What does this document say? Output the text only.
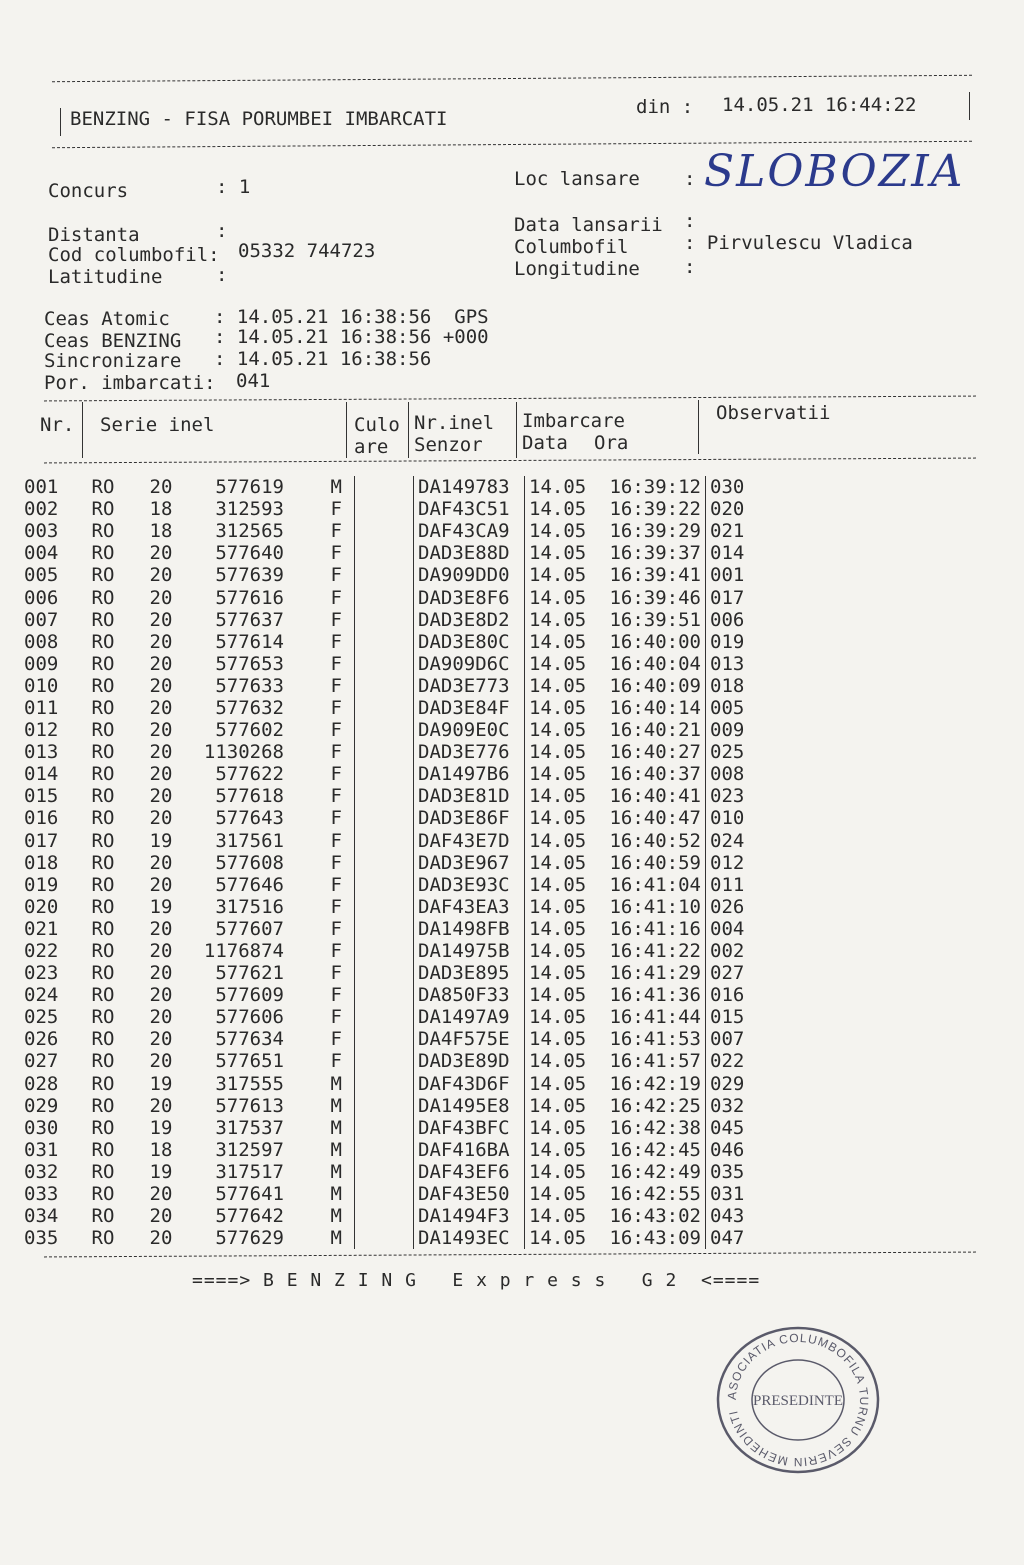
BENZING - FISA PORUMBEI IMBARCATI
din : 14.05.21 16:44:22
Concurs	: 1
Distanta	:
Cod columbofil: 05332 744723
Latitudine	:
Loc lansare : SLOBOZIA
Data lansarii :
Columbofil	: Pirvulescu Vladica
Longitudine :
Ceas Atomic : 14.05.21 16:38:56 GPS
Ceas BENZING : 14.05.21 16:38:56 +000
Sincronizare : 14.05.21 16:38:56
Por. imbarcati: 041
Nr. Serie inel	Culo
are
Nr.inel
Senzor
Imbarcare
Data Ora
Observatii
001	RO	20	577619	M		DA149783	14.05	16:39:12	030
002	RO	18	312593	F		DAF43C51	14.05	16:39:22	020
003	RO	18	312565	F		DAF43CA9	14.05	16:39:29	021
004	RO	20	577640	F		DAD3E88D	14.05	16:39:37	014
005	RO	20	577639	F		DA909DD0	14.05	16:39:41	001
006	RO	20	577616	F		DAD3E8F6	14.05	16:39:46	017
007	RO	20	577637	F		DAD3E8D2	14.05	16:39:51	006
008	RO	20	577614	F		DAD3E80C	14.05	16:40:00	019
009	RO	20	577653	F		DA909D6C	14.05	16:40:04	013
010	RO	20	577633	F		DAD3E773	14.05	16:40:09	018
011	RO	20	577632	F		DAD3E84F	14.05	16:40:14	005
012	RO	20	577602	F		DA909E0C	14.05	16:40:21	009
013	RO	20	1130268	F		DAD3E776	14.05	16:40:27	025
014	RO	20	577622	F		DA1497B6	14.05	16:40:37	008
015	RO	20	577618	F		DAD3E81D	14.05	16:40:41	023
016	RO	20	577643	F		DAD3E86F	14.05	16:40:47	010
017	RO	19	317561	F		DAF43E7D	14.05	16:40:52	024
018	RO	20	577608	F		DAD3E967	14.05	16:40:59	012
019	RO	20	577646	F		DAD3E93C	14.05	16:41:04	011
020	RO	19	317516	F		DAF43EA3	14.05	16:41:10	026
021	RO	20	577607	F		DA1498FB	14.05	16:41:16	004
022	RO	20	1176874	F		DA14975B	14.05	16:41:22	002
023	RO	20	577621	F		DAD3E895	14.05	16:41:29	027
024	RO	20	577609	F		DA850F33	14.05	16:41:36	016
025	RO	20	577606	F		DA1497A9	14.05	16:41:44	015
026	RO	20	577634	F		DA4F575E	14.05	16:41:53	007
027	RO	20	577651	F		DAD3E89D	14.05	16:41:57	022
028	RO	19	317555	M		DAF43D6F	14.05	16:42:19	029
029	RO	20	577613	M		DA1495E8	14.05	16:42:25	032
030	RO	19	317537	M		DAF43BFC	14.05	16:42:38	045
031	RO	18	312597	M		DAF416BA	14.05	16:42:45	046
032	RO	19	317517	M		DAF43EF6	14.05	16:42:49	035
033	RO	20	577641	M		DAF43E50	14.05	16:42:55	031
034	RO	20	577642	M		DA1494F3	14.05	16:43:02	043
035	RO	20	577629	M		DA1493EC	14.05	16:43:09	047
====> B E N Z I N G   E x p r e s s   G 2  <====
ASOCIATIA COLUMBOFILA TURNU SEVERIN MEHEDINTI
PRESEDINTE
